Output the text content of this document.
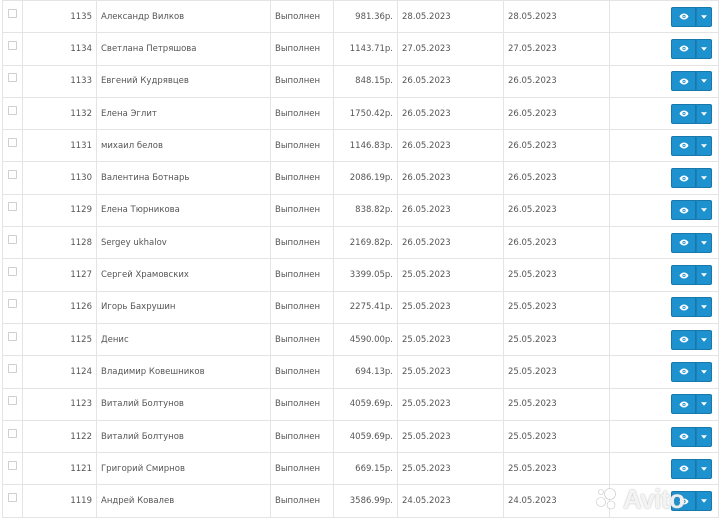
	1135	Александр Вилков	Выполнен	981.36р.	28.05.2023	28.05.2023	

	1134	Светлана Петряшова	Выполнен	1143.71р.	27.05.2023	27.05.2023	

	1133	Евгений Кудрявцев	Выполнен	848.15р.	26.05.2023	26.05.2023	

	1132	Елена Эглит	Выполнен	1750.42р.	26.05.2023	26.05.2023	

	1131	михаил белов	Выполнен	1146.83р.	26.05.2023	26.05.2023	

	1130	Валентина Ботнарь	Выполнен	2086.19р.	26.05.2023	26.05.2023	

	1129	Елена Тюрникова	Выполнен	838.82р.	26.05.2023	26.05.2023	

	1128	Sergey ukhalov	Выполнен	2169.82р.	26.05.2023	26.05.2023	

	1127	Сергей Храмовских	Выполнен	3399.05р.	25.05.2023	25.05.2023	

	1126	Игорь Бахрушин	Выполнен	2275.41р.	25.05.2023	25.05.2023	

	1125	Денис	Выполнен	4590.00р.	25.05.2023	25.05.2023	

	1124	Владимир Ковешников	Выполнен	694.13р.	25.05.2023	25.05.2023	

	1123	Виталий Болтунов	Выполнен	4059.69р.	25.05.2023	25.05.2023	

	1122	Виталий Болтунов	Выполнен	4059.69р.	25.05.2023	25.05.2023	

	1121	Григорий Смирнов	Выполнен	669.15р.	25.05.2023	25.05.2023	

	1119	Андрей Ковалев	Выполнен	3586.99р.	24.05.2023	24.05.2023		Avito
